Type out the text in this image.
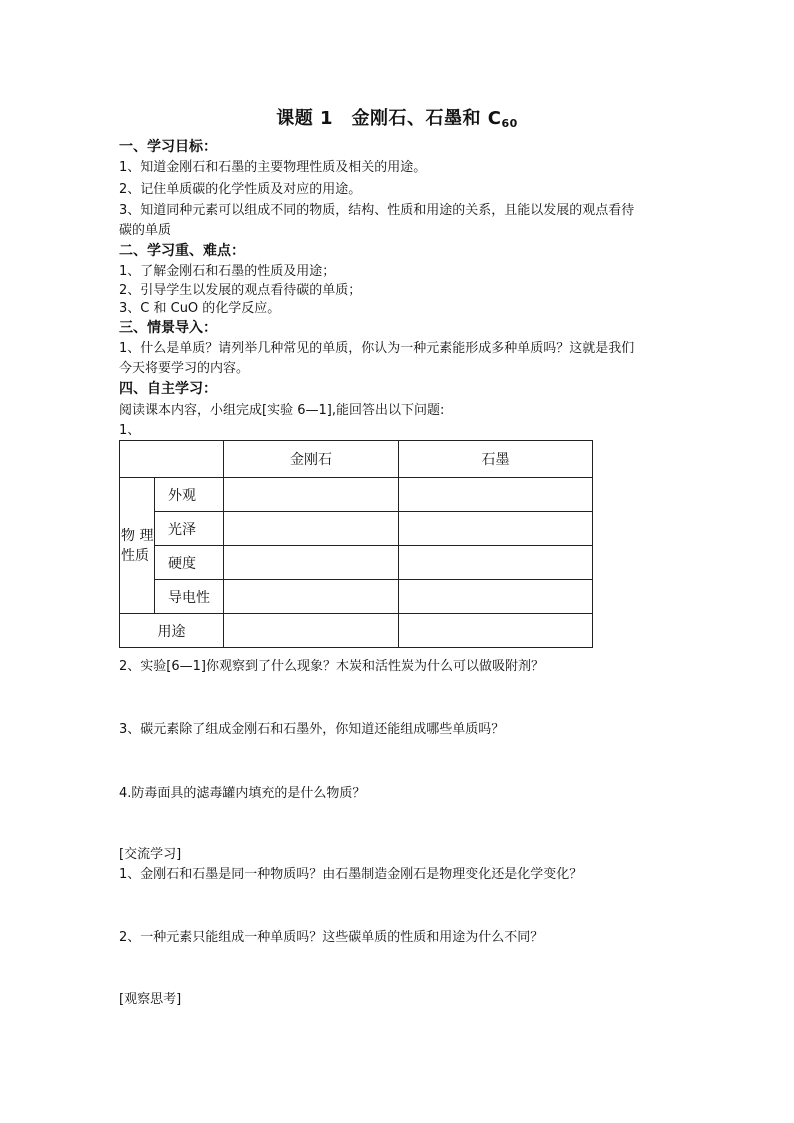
课题 1　金刚石、石墨和 $C_{60}$
一、学习目标：
1、知道金刚石和石墨的主要物理性质及相关的用途。
2、记住单质碳的化学性质及对应的用途。
3、知道同种元素可以组成不同的物质，结构、性质和用途的关系，且能以发展的观点看待
碳的单质
二、学习重、难点：
1、了解金刚石和石墨的性质及用途；
2、引导学生以发展的观点看待碳的单质；
3、C 和 CuO 的化学反应。
三、情景导入：
1、什么是单质？请列举几种常见的单质，你认为一种元素能形成多种单质吗？这就是我们
今天将要学习的内容。
四、自主学习：
阅读课本内容，小组完成[实验 6—1],能回答出以下问题:
1、
		金刚石	石墨
物 理
性质	外观		
	光泽		
	硬度		
	导电性		
用途			
2、实验[6—1]你观察到了什么现象？木炭和活性炭为什么可以做吸附剂？
3、碳元素除了组成金刚石和石墨外，你知道还能组成哪些单质吗？
4.防毒面具的滤毒罐内填充的是什么物质？
[交流学习]
1、金刚石和石墨是同一种物质吗？由石墨制造金刚石是物理变化还是化学变化？
2、一种元素只能组成一种单质吗？这些碳单质的性质和用途为什么不同？
[观察思考]
